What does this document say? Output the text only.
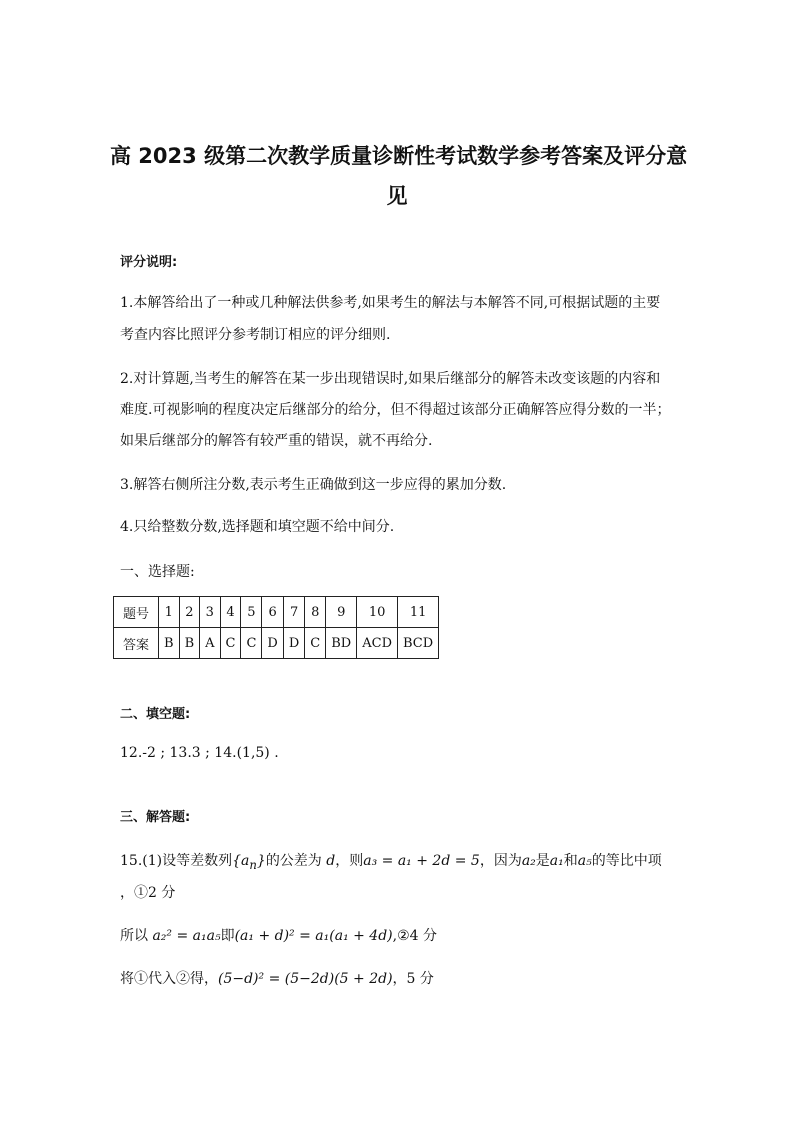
高 2023 级第二次教学质量诊断性考试数学参考答案及评分意
见
评分说明:
1.本解答给出了一种或几种解法供参考,如果考生的解法与本解答不同,可根据试题的主要
考查内容比照评分参考制订相应的评分细则.
2.对计算题,当考生的解答在某一步出现错误时,如果后继部分的解答未改变该题的内容和
难度.可视影响的程度决定后继部分的给分，但不得超过该部分正确解答应得分数的一半；
如果后继部分的解答有较严重的错误，就不再给分.
3.解答右侧所注分数,表示考生正确做到这一步应得的累加分数.
4.只给整数分数,选择题和填空题不给中间分.
一、选择题:
题号	1	2	3	4	5	6	7	8	9	10	11
答案	B	B	A	C	C	D	D	C	BD	ACD	BCD
二、填空题:
12.-2 ; 13.3 ; 14.(1,5) .
三、解答题:
15.(1)设等差数列$\{a_n\}$的公差为 d，则a₃ = a₁ + 2d = 5，因为a₂是a₁和a₅的等比中项
，①2 分
所以 a₂² = a₁a₅即(a₁ + d)² = a₁(a₁ + 4d),②4 分
将①代入②得，(5−d)² = (5−2d)(5 + 2d)，5 分
